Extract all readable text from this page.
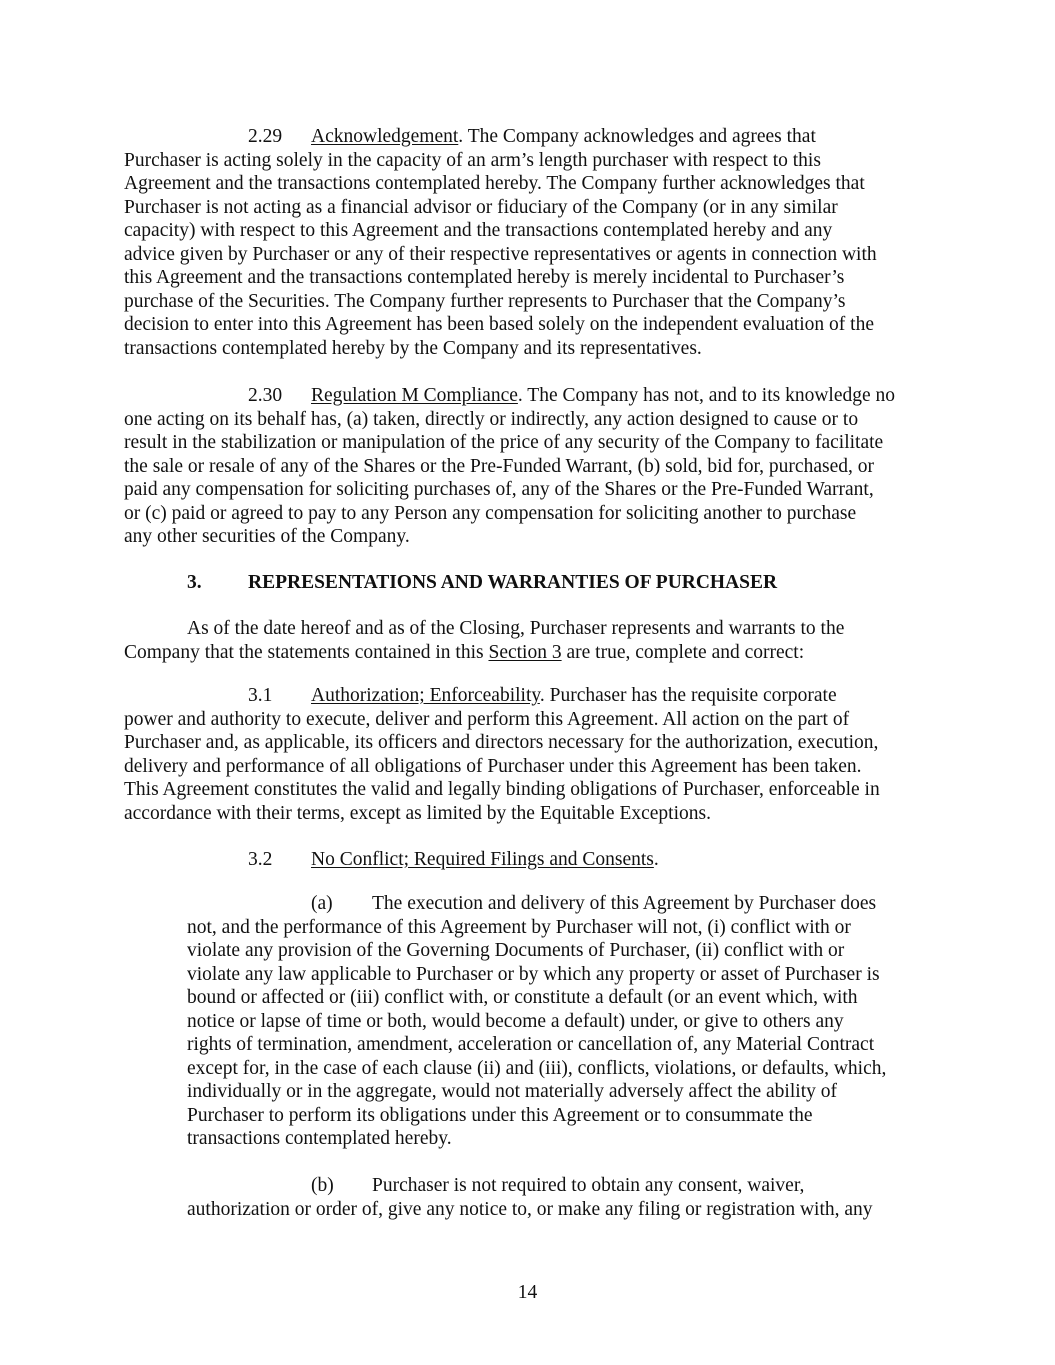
2.29 Acknowledgement. The Company acknowledges and agrees that
Purchaser is acting solely in the capacity of an arm’s length purchaser with respect to this
Agreement and the transactions contemplated hereby. The Company further acknowledges that
Purchaser is not acting as a financial advisor or fiduciary of the Company (or in any similar
capacity) with respect to this Agreement and the transactions contemplated hereby and any
advice given by Purchaser or any of their respective representatives or agents in connection with
this Agreement and the transactions contemplated hereby is merely incidental to Purchaser’s
purchase of the Securities. The Company further represents to Purchaser that the Company’s
decision to enter into this Agreement has been based solely on the independent evaluation of the
transactions contemplated hereby by the Company and its representatives.
2.30 Regulation M Compliance. The Company has not, and to its knowledge no
one acting on its behalf has, (a) taken, directly or indirectly, any action designed to cause or to
result in the stabilization or manipulation of the price of any security of the Company to facilitate
the sale or resale of any of the Shares or the Pre-Funded Warrant, (b) sold, bid for, purchased, or
paid any compensation for soliciting purchases of, any of the Shares or the Pre-Funded Warrant,
or (c) paid or agreed to pay to any Person any compensation for soliciting another to purchase
any other securities of the Company.
3. REPRESENTATIONS AND WARRANTIES OF PURCHASER
As of the date hereof and as of the Closing, Purchaser represents and warrants to the
Company that the statements contained in this Section 3 are true, complete and correct:
3.1 Authorization; Enforceability. Purchaser has the requisite corporate
power and authority to execute, deliver and perform this Agreement. All action on the part of
Purchaser and, as applicable, its officers and directors necessary for the authorization, execution,
delivery and performance of all obligations of Purchaser under this Agreement has been taken.
This Agreement constitutes the valid and legally binding obligations of Purchaser, enforceable in
accordance with their terms, except as limited by the Equitable Exceptions.
3.2 No Conflict; Required Filings and Consents.
(a) The execution and delivery of this Agreement by Purchaser does
not, and the performance of this Agreement by Purchaser will not, (i) conflict with or
violate any provision of the Governing Documents of Purchaser, (ii) conflict with or
violate any law applicable to Purchaser or by which any property or asset of Purchaser is
bound or affected or (iii) conflict with, or constitute a default (or an event which, with
notice or lapse of time or both, would become a default) under, or give to others any
rights of termination, amendment, acceleration or cancellation of, any Material Contract
except for, in the case of each clause (ii) and (iii), conflicts, violations, or defaults, which,
individually or in the aggregate, would not materially adversely affect the ability of
Purchaser to perform its obligations under this Agreement or to consummate the
transactions contemplated hereby.
(b) Purchaser is not required to obtain any consent, waiver,
authorization or order of, give any notice to, or make any filing or registration with, any
14
